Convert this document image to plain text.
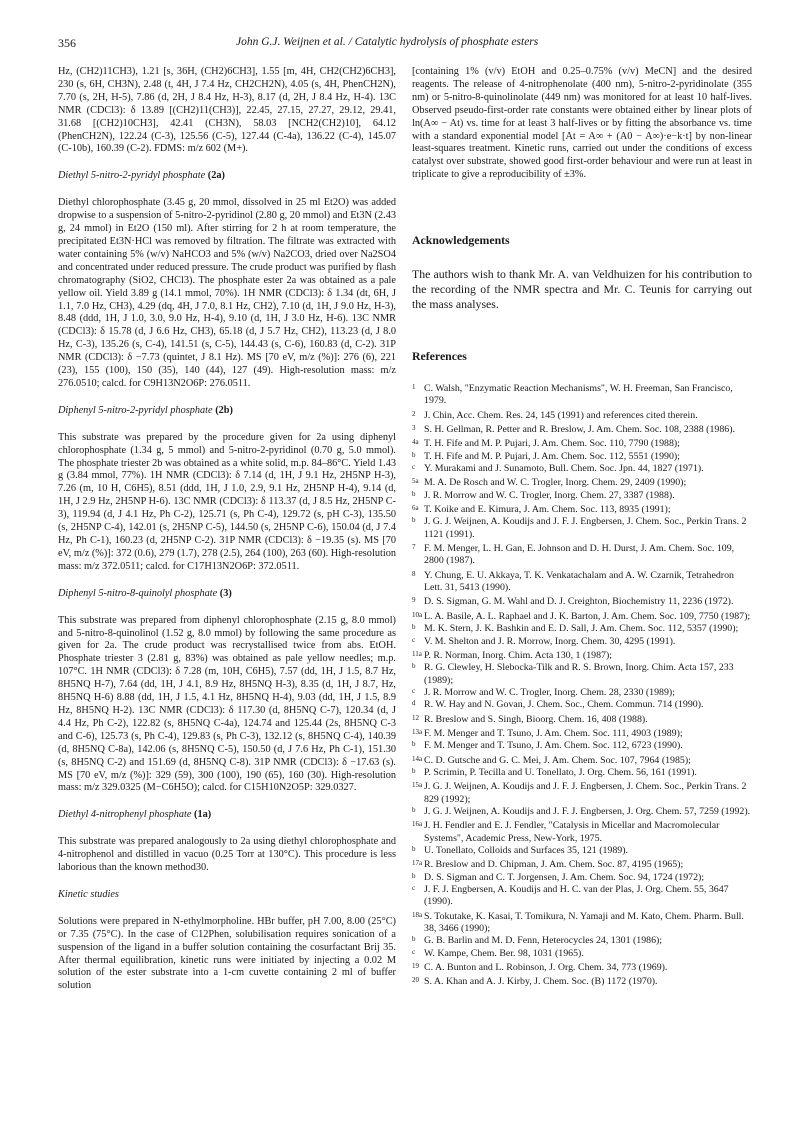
356	John G.J. Weijnen et al. / Catalytic hydrolysis of phosphate esters

Hz, (CH2)11CH3), 1.21 [s, 36H, (CH2)6CH3], 1.55 [m, 4H, CH2(CH2)6CH3], 230 (s, 6H, CH3N), 2.48 (t, 4H, J 7.4 Hz, CH2CH2N), 4.05 (s, 4H, PhenCH2N), 7.70 (s, 2H, H-5), 7.86 (d, 2H, J 8.4 Hz, H-3), 8.17 (d, 2H, J 8.4 Hz, H-4). 13C NMR (CDCl3): δ 13.89 [(CH2)11(CH3)], 22.45, 27.15, 27.27, 29.12, 29.41, 31.68 [(CH2)10CH3], 42.41 (CH3N), 58.03 [NCH2(CH2)10], 64.12 (PhenCH2N), 122.24 (C-3), 125.56 (C-5), 127.44 (C-4a), 136.22 (C-4), 145.07 (C-10b), 160.39 (C-2). FDMS: m/z 602 (M+).

Diethyl 5-nitro-2-pyridyl phosphate (2a)

Diethyl chlorophosphate (3.45 g, 20 mmol, dissolved in 25 ml Et2O) was added dropwise to a suspension of 5-nitro-2-pyridinol (2.80 g, 20 mmol) and Et3N (2.43 g, 24 mmol) in Et2O (150 ml). After stirring for 2 h at room temperature, the precipitated Et3N·HCl was removed by filtration. The filtrate was extracted with water containing 5% (w/v) NaHCO3 and 5% (w/v) Na2CO3, dried over Na2SO4 and concentrated under reduced pressure. The crude product was purified by flash chromatography (SiO2, CHCl3). The phosphate ester 2a was obtained as a pale yellow oil. Yield 3.89 g (14.1 mmol, 70%). 1H NMR (CDCl3): δ 1.34 (dt, 6H, J 1.1, 7.0 Hz, CH3), 4.29 (dq, 4H, J 7.0, 8.1 Hz, CH2), 7.10 (d, 1H, J 9.0 Hz, H-3), 8.48 (ddd, 1H, J 1.0, 3.0, 9.0 Hz, H-4), 9.10 (d, 1H, J 3.0 Hz, H-6). 13C NMR (CDCl3): δ 15.78 (d, J 6.6 Hz, CH3), 65.18 (d, J 5.7 Hz, CH2), 113.23 (d, J 8.0 Hz, C-3), 135.26 (s, C-4), 141.51 (s, C-5), 144.43 (s, C-6), 160.83 (d, C-2). 31P NMR (CDCl3): δ −7.73 (quintet, J 8.1 Hz). MS [70 eV, m/z (%)]: 276 (6), 221 (23), 155 (100), 150 (35), 140 (44), 127 (49). High-resolution mass: m/z 276.0510; calcd. for C9H13N2O6P: 276.0511.

Diphenyl 5-nitro-2-pyridyl phosphate (2b)

This substrate was prepared by the procedure given for 2a using diphenyl chlorophosphate (1.34 g, 5 mmol) and 5-nitro-2-pyridinol (0.70 g, 5.0 mmol). The phosphate triester 2b was obtained as a white solid, m.p. 84–86°C. Yield 1.43 g (3.84 mmol, 77%). 1H NMR (CDCl3): δ 7.14 (d, 1H, J 9.1 Hz, 2H5NP H-3), 7.26 (m, 10 H, C6H5), 8.51 (ddd, 1H, J 1.0, 2.9, 9.1 Hz, 2H5NP H-4), 9.14 (d, 1H, J 2.9 Hz, 2H5NP H-6). 13C NMR (CDCl3): δ 113.37 (d, J 8.5 Hz, 2H5NP C-3), 119.94 (d, J 4.1 Hz, Ph C-2), 125.71 (s, Ph C-4), 129.72 (s, pH C-3), 135.50 (s, 2H5NP C-4), 142.01 (s, 2H5NP C-5), 144.50 (s, 2H5NP C-6), 150.04 (d, J 7.4 Hz, Ph C-1), 160.23 (d, 2H5NP C-2). 31P NMR (CDCl3): δ −19.35 (s). MS [70 eV, m/z (%)]: 372 (0.6), 279 (1.7), 278 (2.5), 264 (100), 263 (60). High-resolution mass: m/z 372.0511; calcd. for C17H13N2O6P: 372.0511.

Diphenyl 5-nitro-8-quinolyl phosphate (3)

This substrate was prepared from diphenyl chlorophosphate (2.15 g, 8.0 mmol) and 5-nitro-8-quinolinol (1.52 g, 8.0 mmol) by following the same procedure as given for 2a. The crude product was recrystallised twice from abs. EtOH. Phosphate triester 3 (2.81 g, 83%) was obtained as pale yellow needles; m.p. 107°C. 1H NMR (CDCl3): δ 7.28 (m, 10H, C6H5), 7.57 (dd, 1H, J 1.5, 8.7 Hz, 8H5NQ H-7), 7.64 (dd, 1H, J 4.1, 8.9 Hz, 8H5NQ H-3), 8.35 (d, 1H, J 8.7, Hz, 8H5NQ H-6) 8.88 (dd, 1H, J 1.5, 4.1 Hz, 8H5NQ H-4), 9.03 (dd, 1H, J 1.5, 8.9 Hz, 8H5NQ H-2). 13C NMR (CDCl3): δ 117.30 (d, 8H5NQ C-7), 120.34 (d, J 4.4 Hz, Ph C-2), 122.82 (s, 8H5NQ C-4a), 124.74 and 125.44 (2s, 8H5NQ C-3 and C-6), 125.73 (s, Ph C-4), 129.83 (s, Ph C-3), 132.12 (s, 8H5NQ C-4), 140.39 (d, 8H5NQ C-8a), 142.06 (s, 8H5NQ C-5), 150.50 (d, J 7.6 Hz, Ph C-1), 151.30 (s, 8H5NQ C-2) and 151.69 (d, 8H5NQ C-8). 31P NMR (CDCl3): δ −17.63 (s). MS [70 eV, m/z (%)]: 329 (59), 300 (100), 190 (65), 160 (30). High-resolution mass: m/z 329.0325 (M−C6H5O); calcd. for C15H10N2O5P: 329.0327.

Diethyl 4-nitrophenyl phosphate (1a)

This substrate was prepared analogously to 2a using diethyl chlorophosphate and 4-nitrophenol and distilled in vacuo (0.25 Torr at 130°C). This procedure is less laborious than the known method30.

Kinetic studies

Solutions were prepared in N-ethylmorpholine. HBr buffer, pH 7.00, 8.00 (25°C) or 7.35 (75°C). In the case of C12Phen, solubilisation requires sonication of a suspension of the ligand in a buffer solution containing the cosurfactant Brij 35. After thermal equilibration, kinetic runs were initiated by injecting a 0.02 M solution of the ester substrate into a 1-cm cuvette containing 2 ml of buffer solution

[containing 1% (v/v) EtOH and 0.25–0.75% (v/v) MeCN] and the desired reagents. The release of 4-nitrophenolate (400 nm), 5-nitro-2-pyridinolate (355 nm) or 5-nitro-8-quinolinolate (449 nm) was monitored for at least 10 half-lives. Observed pseudo-first-order rate constants were obtained either by linear plots of ln(A∞ − At) vs. time for at least 3 half-lives or by fitting the absorbance vs. time with a standard exponential model [At = A∞ + (A0 − A∞)·e−k·t] by non-linear least-squares treatment. Kinetic runs, carried out under the conditions of excess catalyst over substrate, showed good first-order behaviour and were run at least in triplicate to give a reproducibility of ±3%.

Acknowledgements

The authors wish to thank Mr. A. van Veldhuizen for his contribution to the recording of the NMR spectra and Mr. C. Teunis for carrying out the mass analyses.

References

1 C. Walsh, "Enzymatic Reaction Mechanisms", W. H. Freeman, San Francisco, 1979.
2 J. Chin, Acc. Chem. Res. 24, 145 (1991) and references cited therein.
3 S. H. Gellman, R. Petter and R. Breslow, J. Am. Chem. Soc. 108, 2388 (1986).
4a T. H. Fife and M. P. Pujari, J. Am. Chem. Soc. 110, 7790 (1988);
b T. H. Fife and M. P. Pujari, J. Am. Chem. Soc. 112, 5551 (1990);
c Y. Murakami and J. Sunamoto, Bull. Chem. Soc. Jpn. 44, 1827 (1971).
5a M. A. De Rosch and W. C. Trogler, Inorg. Chem. 29, 2409 (1990);
b J. R. Morrow and W. C. Trogler, Inorg. Chem. 27, 3387 (1988).
6a T. Koike and E. Kimura, J. Am. Chem. Soc. 113, 8935 (1991);
b J. G. J. Weijnen, A. Koudijs and J. F. J. Engbersen, J. Chem. Soc., Perkin Trans. 2 1121 (1991).
7 F. M. Menger, L. H. Gan, E. Johnson and D. H. Durst, J. Am. Chem. Soc. 109, 2800 (1987).
8 Y. Chung, E. U. Akkaya, T. K. Venkatachalam and A. W. Czarnik, Tetrahedron Lett. 31, 5413 (1990).
9 D. S. Sigman, G. M. Wahl and D. J. Creighton, Biochemistry 11, 2236 (1972).
10a L. A. Basile, A. L. Raphael and J. K. Barton, J. Am. Chem. Soc. 109, 7750 (1987);
b M. K. Stern, J. K. Bashkin and E. D. Sall, J. Am. Chem. Soc. 112, 5357 (1990);
c V. M. Shelton and J. R. Morrow, Inorg. Chem. 30, 4295 (1991).
11a P. R. Norman, Inorg. Chim. Acta 130, 1 (1987);
b R. G. Clewley, H. Slebocka-Tilk and R. S. Brown, Inorg. Chim. Acta 157, 233 (1989);
c J. R. Morrow and W. C. Trogler, Inorg. Chem. 28, 2330 (1989);
d R. W. Hay and N. Govan, J. Chem. Soc., Chem. Commun. 714 (1990).
12 R. Breslow and S. Singh, Bioorg. Chem. 16, 408 (1988).
13a F. M. Menger and T. Tsuno, J. Am. Chem. Soc. 111, 4903 (1989);
b F. M. Menger and T. Tsuno, J. Am. Chem. Soc. 112, 6723 (1990).
14a C. D. Gutsche and G. C. Mei, J. Am. Chem. Soc. 107, 7964 (1985);
b P. Scrimin, P. Tecilla and U. Tonellato, J. Org. Chem. 56, 161 (1991).
15a J. G. J. Weijnen, A. Koudijs and J. F. J. Engbersen, J. Chem. Soc., Perkin Trans. 2 829 (1992);
b J. G. J. Weijnen, A. Koudijs and J. F. J. Engbersen, J. Org. Chem. 57, 7259 (1992).
16a J. H. Fendler and E. J. Fendler, "Catalysis in Micellar and Macromolecular Systems", Academic Press, New-York, 1975.
b U. Tonellato, Colloids and Surfaces 35, 121 (1989).
17a R. Breslow and D. Chipman, J. Am. Chem. Soc. 87, 4195 (1965);
b D. S. Sigman and C. T. Jorgensen, J. Am. Chem. Soc. 94, 1724 (1972);
c J. F. J. Engbersen, A. Koudijs and H. C. van der Plas, J. Org. Chem. 55, 3647 (1990).
18a S. Tokutake, K. Kasai, T. Tomikura, N. Yamaji and M. Kato, Chem. Pharm. Bull. 38, 3466 (1990);
b G. B. Barlin and M. D. Fenn, Heterocycles 24, 1301 (1986);
c W. Kampe, Chem. Ber. 98, 1031 (1965).
19 C. A. Bunton and L. Robinson, J. Org. Chem. 34, 773 (1969).
20 S. A. Khan and A. J. Kirby, J. Chem. Soc. (B) 1172 (1970).
